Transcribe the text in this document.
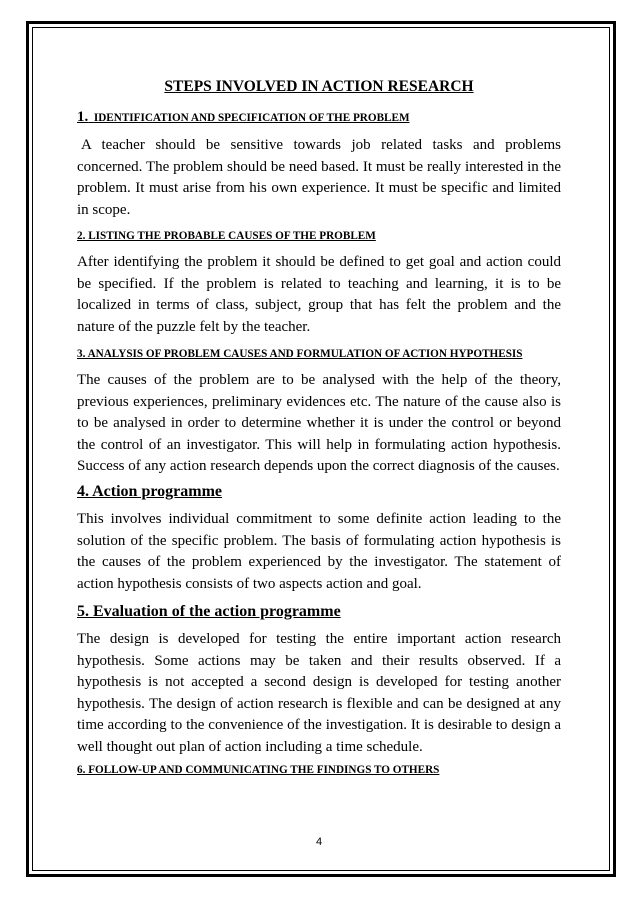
STEPS INVOLVED IN ACTION RESEARCH
1. IDENTIFICATION AND SPECIFICATION OF THE PROBLEM

A teacher should be sensitive towards job related tasks and problems concerned. The problem should be need based. It must be really interested in the problem. It must arise from his own experience. It must be specific and limited in scope.

2. LISTING THE PROBABLE CAUSES OF THE PROBLEM

After identifying the problem it should be defined to get goal and action could be specified. If the problem is related to teaching and learning, it is to be localized in terms of class, subject, group that has felt the problem and the nature of the puzzle felt by the teacher.

3. ANALYSIS OF PROBLEM CAUSES AND FORMULATION OF ACTION HYPOTHESIS

The causes of the problem are to be analysed with the help of the theory, previous experiences, preliminary evidences etc. The nature of the cause also is to be analysed in order to determine whether it is under the control or beyond the control of an investigator. This will help in formulating action hypothesis. Success of any action research depends upon the correct diagnosis of the causes.

4. Action programme

This involves individual commitment to some definite action leading to the solution of the specific problem. The basis of formulating action hypothesis is the causes of the problem experienced by the investigator. The statement of action hypothesis consists of two aspects action and goal.

5. Evaluation of the action programme

The design is developed for testing the entire important action research hypothesis. Some actions may be taken and their results observed. If a hypothesis is not accepted a second design is developed for testing another hypothesis. The design of action research is flexible and can be designed at any time according to the convenience of the investigation. It is desirable to design a well thought out plan of action including a time schedule.

6. FOLLOW-UP AND COMMUNICATING THE FINDINGS TO OTHERS

4
